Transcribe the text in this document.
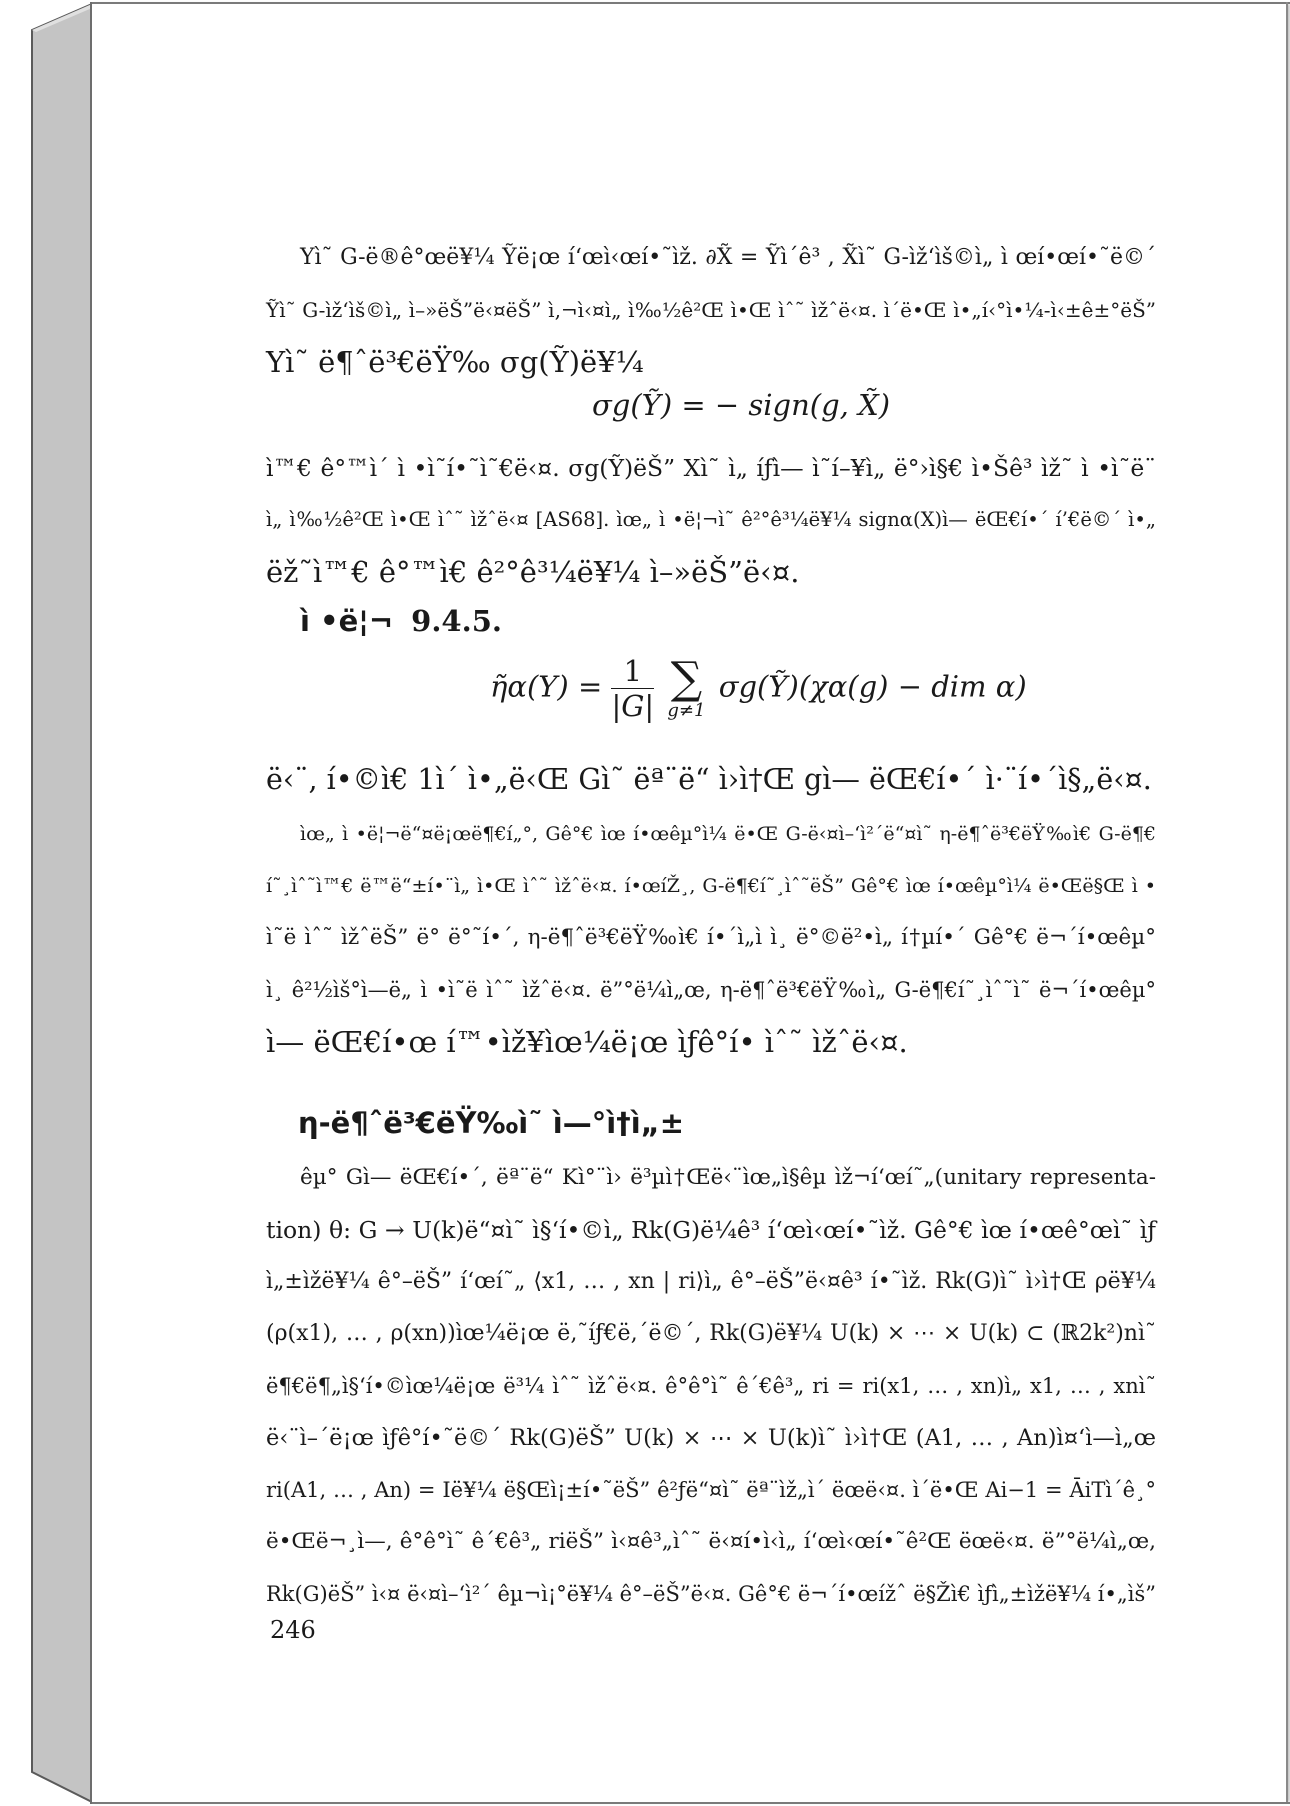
Yì˜ G-ë®ê°œë¥¼ Ỹë¡œ í‘œì‹œí•˜ìž. ∂X̃ = Ỹì´ê³ , X̃ì˜ G-ìž‘ìš©ì„ ì œí•œí•˜ë©´
Ỹì˜ G-ìž‘ìš©ì„ ì–»ëŠ”ë‹¤ëŠ” ì‚¬ì‹¤ì„ ì‰½ê²Œ ì•Œ ìˆ˜ ìžˆë‹¤. ì´ë•Œ ì•„í‹°ì•¼-ì‹±ê±°ëŠ”
Yì˜ ë¶ˆë³€ëŸ‰ σg(Ỹ)ë¥¼
σg(Ỹ) = − sign(g, X̃)
ì™€ ê°™ì´ ì •ì˜í•˜ì˜€ë‹¤. σg(Ỹ)ëŠ” Xì˜ ì„ íƒì— ì˜í–¥ì„ ë°›ì§€ ì•Šê³ ìž˜ ì •ì˜ë¨
ì„ ì‰½ê²Œ ì•Œ ìˆ˜ ìžˆë‹¤ [AS68]. ìœ„ ì •ë¦¬ì˜ ê²°ê³¼ë¥¼ signα(X)ì— ëŒ€í•´ í’€ë©´ ì•„
ëž˜ì™€ ê°™ì€ ê²°ê³¼ë¥¼ ì–»ëŠ”ë‹¤.
ì •ë¦¬ 9.4.5.
η̃α(Y) = $\frac{1}{|G|}$
∑
g≠1
σg(Ỹ)(χα(g) − dim α)
ë‹¨, í•©ì€ 1ì´ ì•„ë‹Œ Gì˜ ëª¨ë“ ì›ì†Œ gì— ëŒ€í•´ ì·¨í•´ì§„ë‹¤.
ìœ„ ì •ë¦¬ë“¤ë¡œë¶€í„°, Gê°€ ìœ í•œêµ°ì¼ ë•Œ G-ë‹¤ì–‘ì²´ë“¤ì˜ η-ë¶ˆë³€ëŸ‰ì€ G-ë¶€
í˜¸ìˆ˜ì™€ ë™ë“±í•¨ì„ ì•Œ ìˆ˜ ìžˆë‹¤. í•œíŽ¸, G-ë¶€í˜¸ìˆ˜ëŠ” Gê°€ ìœ í•œêµ°ì¼ ë•Œë§Œ ì •
ì˜ë ìˆ˜ ìžˆëŠ” ë° ë°˜í•´, η-ë¶ˆë³€ëŸ‰ì€ í•´ì„ì ì¸ ë°©ë²•ì„ í†µí•´ Gê°€ ë¬´í•œêµ°
ì¸ ê²½ìš°ì—ë„ ì •ì˜ë ìˆ˜ ìžˆë‹¤. ë”°ë¼ì„œ, η-ë¶ˆë³€ëŸ‰ì„ G-ë¶€í˜¸ìˆ˜ì˜ ë¬´í•œêµ°
ì— ëŒ€í•œ í™•ìž¥ìœ¼ë¡œ ìƒê°í• ìˆ˜ ìžˆë‹¤.
η-ë¶ˆë³€ëŸ‰ì˜ ì—°ì†ì„±
êµ° Gì— ëŒ€í•´, ëª¨ë“ Kì°¨ì› ë³µì†Œë‹¨ìœ„ì§êµ ìž¬í‘œí˜„(unitary representa-
tion) θ: G → U(k)ë“¤ì˜ ì§‘í•©ì„ Rk(G)ë¼ê³ í‘œì‹œí•˜ìž. Gê°€ ìœ í•œê°œì˜ ìƒ
ì„±ìžë¥¼ ê°–ëŠ” í‘œí˜„ ⟨x1, … , xn | ri⟩ì„ ê°–ëŠ”ë‹¤ê³ í•˜ìž. Rk(G)ì˜ ì›ì†Œ ρë¥¼
(ρ(x1), … , ρ(xn))ìœ¼ë¡œ ë‚˜íƒ€ë‚´ë©´, Rk(G)ë¥¼ U(k) × ⋯ × U(k) ⊂ (ℝ2k²)nì˜
ë¶€ë¶„ì§‘í•©ìœ¼ë¡œ ë³¼ ìˆ˜ ìžˆë‹¤. ê°ê°ì˜ ê´€ê³„ ri = ri(x1, … , xn)ì„ x1, … , xnì˜
ë‹¨ì–´ë¡œ ìƒê°í•˜ë©´ Rk(G)ëŠ” U(k) × ⋯ × U(k)ì˜ ì›ì†Œ (A1, … , An)ì¤‘ì—ì„œ
ri(A1, … , An) = Ië¥¼ ë§Œì¡±í•˜ëŠ” ê²ƒë“¤ì˜ ëª¨ìž„ì´ ëœë‹¤. ì´ë•Œ Ai−1 = ĀiTì´ê¸°
ë•Œë¬¸ì—, ê°ê°ì˜ ê´€ê³„ riëŠ” ì‹¤ê³„ìˆ˜ ë‹¤í•ì‹ì„ í‘œì‹œí•˜ê²Œ ëœë‹¤. ë”°ë¼ì„œ,
Rk(G)ëŠ” ì‹¤ ë‹¤ì–‘ì²´ êµ¬ì¡°ë¥¼ ê°–ëŠ”ë‹¤. Gê°€ ë¬´í•œížˆ ë§Žì€ ìƒì„±ìžë¥¼ í•„ìš”
246
